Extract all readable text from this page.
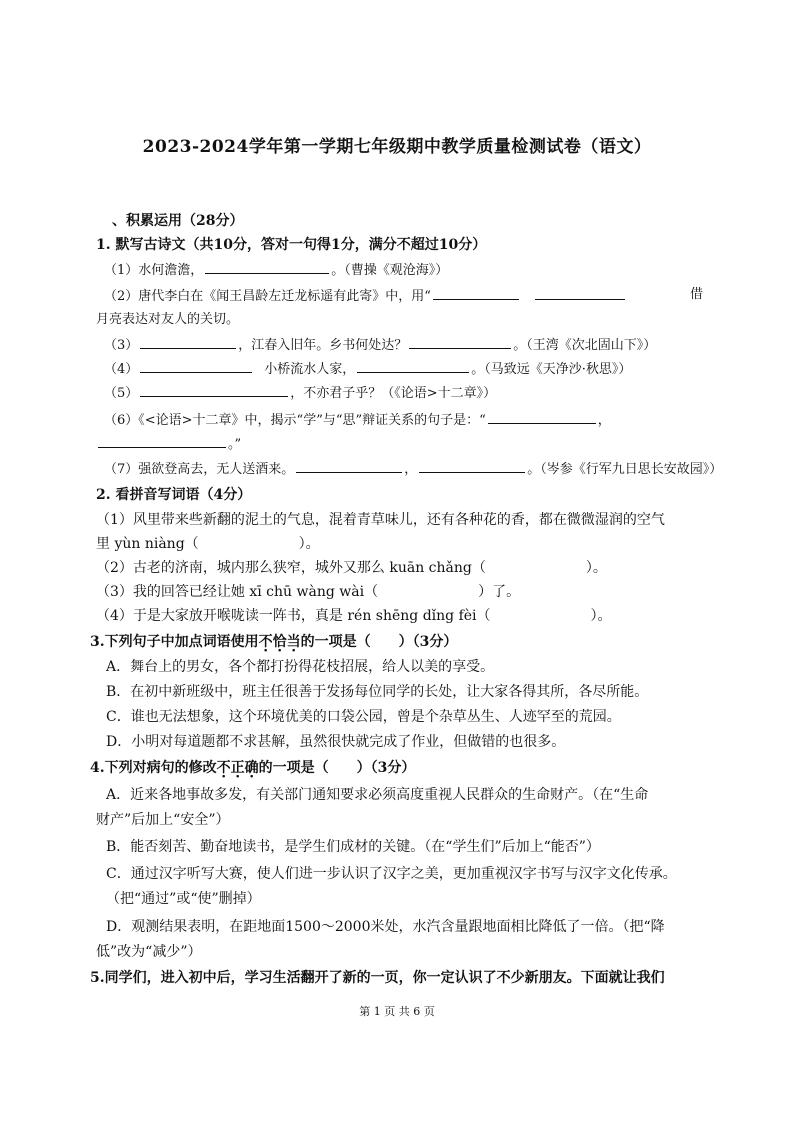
2023-2024学年第一学期七年级期中教学质量检测试卷（语文）
、积累运用（28分）
1. 默写古诗文（共10分，答对一句得1分，满分不超过10分）
（1）水何澹澹，	。（曹操《观沧海》）
（2）唐代李白在《闻王昌龄左迁龙标遥有此寄》中，用“	借
月亮表达对友人的关切。
（3）	，江春入旧年。乡书何处达？	。（王湾《次北固山下》）
（4）	小桥流水人家，	。（马致远《天净沙·秋思》）
（5）	，不亦君子乎？（《论语>十二章》）
（6）《<论语>十二章》中，揭示“学”与“思”辩证关系的句子是：“	，
。”
（7）强欲登高去，无人送酒来。	，	。（岑参《行军九日思长安故园》）
2. 看拼音写词语（4分）
（1）风里带来些新翻的泥土的气息，混着青草味儿，还有各种花的香，都在微微湿润的空气
里 yùn niàng（	）。
（2）古老的济南，城内那么狭窄，城外又那么 kuān chǎng（	）。
（3）我的回答已经让她 xī chū wàng wài（	）了。
（4）于是大家放开喉咙读一阵书，真是 rén shēng dǐng fèi（	）。
3.下列句子中加点词语使用不恰当的一项是（　　）（3分）
A．舞台上的男女，各个都打扮得花枝招展，给人以美的享受。
B．在初中新班级中，班主任很善于发扬每位同学的长处，让大家各得其所，各尽所能。
C．谁也无法想象，这个环境优美的口袋公园，曾是个杂草丛生、人迹罕至的荒园。
D．小明对每道题都不求甚解，虽然很快就完成了作业，但做错的也很多。
4.下列对病句的修改不正确的一项是（　　）（3分）
A．近来各地事故多发，有关部门通知要求必须高度重视人民群众的生命财产。（在“生命
财产”后加上“安全”）
B．能否刻苦、勤奋地读书，是学生们成材的关键。（在“学生们”后加上“能否”）
C．通过汉字听写大赛，使人们进一步认识了汉字之美，更加重视汉字书写与汉字文化传承。
（把“通过”或“使”删掉）
D．观测结果表明，在距地面1500～2000米处，水汽含量跟地面相比降低了一倍。（把“降
低”改为“减少”）
5.同学们，进入初中后，学习生活翻开了新的一页，你一定认识了不少新朋友。下面就让我们
第 1 页 共 6 页
